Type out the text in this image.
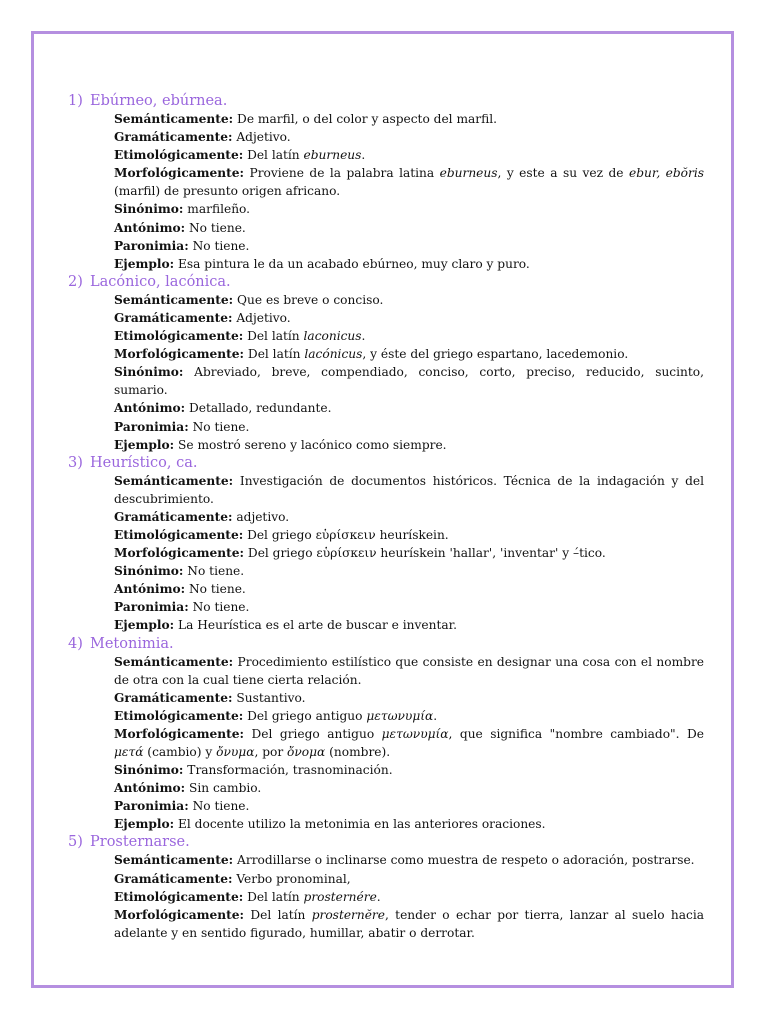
1) Ebúrneo, ebúrnea.
Semánticamente: De marfil, o del color y aspecto del marfil.
Gramáticamente: Adjetivo.
Etimológicamente: Del latín eburneus.
Morfológicamente: Proviene de la palabra latina eburneus, y este a su vez de ebur, ebŏris (marfil) de presunto origen africano.
Sinónimo: marfileño.
Antónimo: No tiene.
Paronimia: No tiene.
Ejemplo: Esa pintura le da un acabado ebúrneo, muy claro y puro.
2) Lacónico, lacónica.
Semánticamente: Que es breve o conciso.
Gramáticamente: Adjetivo.
Etimológicamente: Del latín laconicus.
Morfológicamente: Del latín lacónicus, y éste del griego espartano, lacedemonio.
Sinónimo: Abreviado, breve, compendiado, conciso, corto, preciso, reducido, sucinto, sumario.
Antónimo: Detallado, redundante.
Paronimia: No tiene.
Ejemplo: Se mostró sereno y lacónico como siempre.
3) Heurístico, ca.
Semánticamente: Investigación de documentos históricos. Técnica de la indagación y del descubrimiento.
Gramáticamente: adjetivo.
Etimológicamente: Del griego εὑρίσκειν heurískein.
Morfológicamente: Del griego εὑρίσκειν heurískein 'hallar', 'inventar' y –́tico.
Sinónimo: No tiene.
Antónimo: No tiene.
Paronimia: No tiene.
Ejemplo: La Heurística es el arte de buscar e inventar.
4) Metonimia.
Semánticamente: Procedimiento estilístico que consiste en designar una cosa con el nombre de otra con la cual tiene cierta relación.
Gramáticamente: Sustantivo.
Etimológicamente: Del griego antiguo μετωνυμία.
Morfológicamente: Del griego antiguo μετωνυμία, que significa "nombre cambiado". De μετά (cambio) y ὄνυμα, por ὄνομα (nombre).
Sinónimo: Transformación, trasnominación.
Antónimo: Sin cambio.
Paronimia: No tiene.
Ejemplo: El docente utilizo la metonimia en las anteriores oraciones.
5) Prosternarse.
Semánticamente: Arrodillarse o inclinarse como muestra de respeto o adoración, postrarse.
Gramáticamente: Verbo pronominal,
Etimológicamente: Del latín prosternére.
Morfológicamente: Del latín prosternĕre, tender o echar por tierra, lanzar al suelo hacia adelante y en sentido figurado, humillar, abatir o derrotar.
